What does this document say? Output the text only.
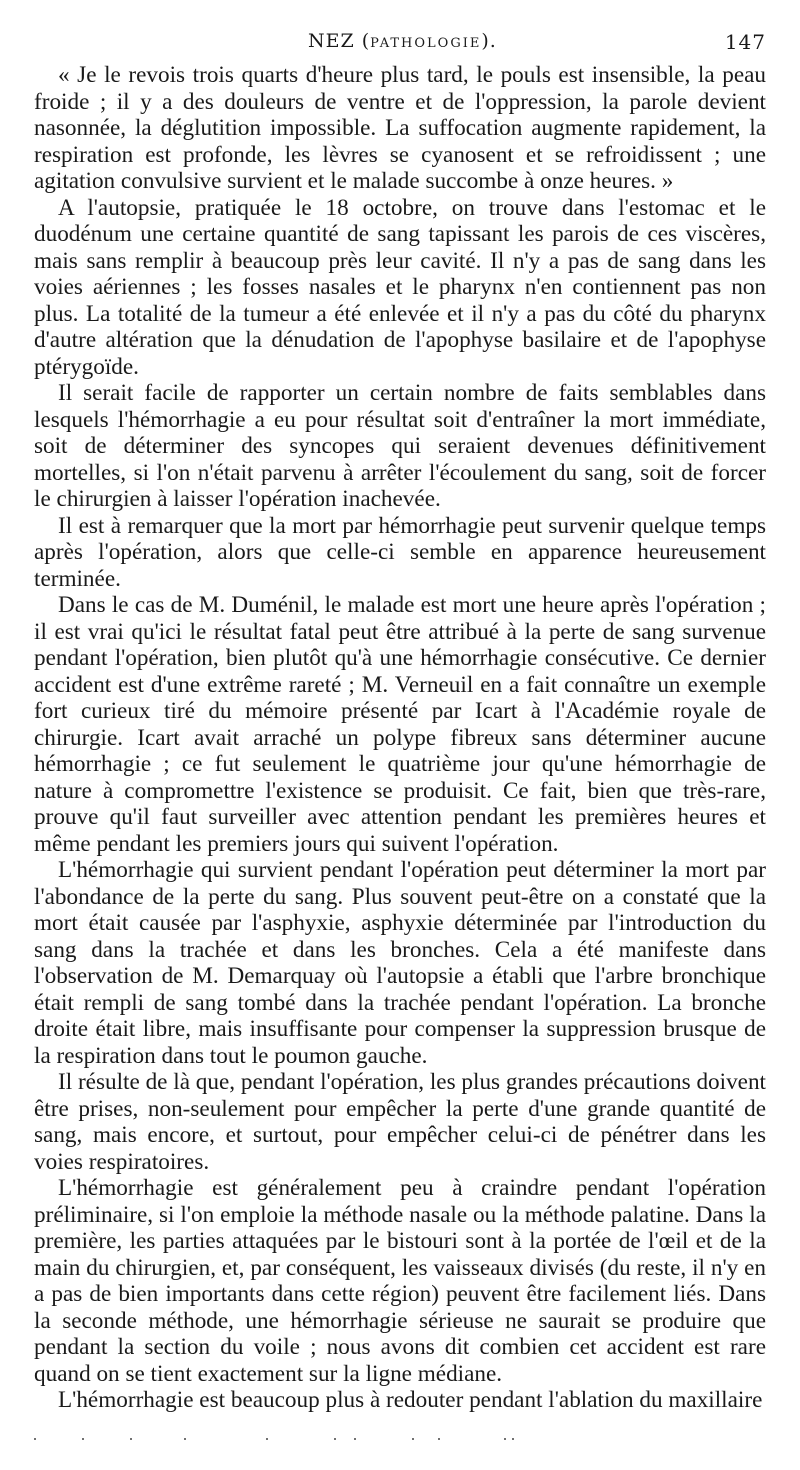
NEZ (PATHOLOGIE).	147

« Je le revois trois quarts d'heure plus tard, le pouls est insensible, la peau froide ; il y a des douleurs de ventre et de l'oppression, la parole devient nasonnée, la déglutition impossible. La suffocation augmente rapidement, la respiration est profonde, les lèvres se cyanosent et se refroidissent ; une agitation convulsive survient et le malade succombe à onze heures. »

A l'autopsie, pratiquée le 18 octobre, on trouve dans l'estomac et le duodénum une certaine quantité de sang tapissant les parois de ces viscères, mais sans remplir à beaucoup près leur cavité. Il n'y a pas de sang dans les voies aériennes ; les fosses nasales et le pharynx n'en contiennent pas non plus. La totalité de la tumeur a été enlevée et il n'y a pas du côté du pharynx d'autre altération que la dénudation de l'apophyse basilaire et de l'apophyse ptérygoïde.

Il serait facile de rapporter un certain nombre de faits semblables dans lesquels l'hémorrhagie a eu pour résultat soit d'entraîner la mort immédiate, soit de déterminer des syncopes qui seraient devenues définitivement mortelles, si l'on n'était parvenu à arrêter l'écoulement du sang, soit de forcer le chirurgien à laisser l'opération inachevée.

Il est à remarquer que la mort par hémorrhagie peut survenir quelque temps après l'opération, alors que celle-ci semble en apparence heureusement terminée.

Dans le cas de M. Duménil, le malade est mort une heure après l'opération ; il est vrai qu'ici le résultat fatal peut être attribué à la perte de sang survenue pendant l'opération, bien plutôt qu'à une hémorrhagie consécutive. Ce dernier accident est d'une extrême rareté ; M. Verneuil en a fait connaître un exemple fort curieux tiré du mémoire présenté par Icart à l'Académie royale de chirurgie. Icart avait arraché un polype fibreux sans déterminer aucune hémorrhagie ; ce fut seulement le quatrième jour qu'une hémorrhagie de nature à compromettre l'existence se produisit. Ce fait, bien que très-rare, prouve qu'il faut surveiller avec attention pendant les premières heures et même pendant les premiers jours qui suivent l'opération.

L'hémorrhagie qui survient pendant l'opération peut déterminer la mort par l'abondance de la perte du sang. Plus souvent peut-être on a constaté que la mort était causée par l'asphyxie, asphyxie déterminée par l'introduction du sang dans la trachée et dans les bronches. Cela a été manifeste dans l'observation de M. Demarquay où l'autopsie a établi que l'arbre bronchique était rempli de sang tombé dans la trachée pendant l'opération. La bronche droite était libre, mais insuffisante pour compenser la suppression brusque de la respiration dans tout le poumon gauche.

Il résulte de là que, pendant l'opération, les plus grandes précautions doivent être prises, non-seulement pour empêcher la perte d'une grande quantité de sang, mais encore, et surtout, pour empêcher celui-ci de pénétrer dans les voies respiratoires.

L'hémorrhagie est généralement peu à craindre pendant l'opération préliminaire, si l'on emploie la méthode nasale ou la méthode palatine. Dans la première, les parties attaquées par le bistouri sont à la portée de l'œil et de la main du chirurgien, et, par conséquent, les vaisseaux divisés (du reste, il n'y en a pas de bien importants dans cette région) peuvent être facilement liés. Dans la seconde méthode, une hémorrhagie sérieuse ne saurait se produire que pendant la section du voile ; nous avons dit combien cet accident est rare quand on se tient exactement sur la ligne médiane.

L'hémorrhagie est beaucoup plus à redouter pendant l'ablation du maxillaire
